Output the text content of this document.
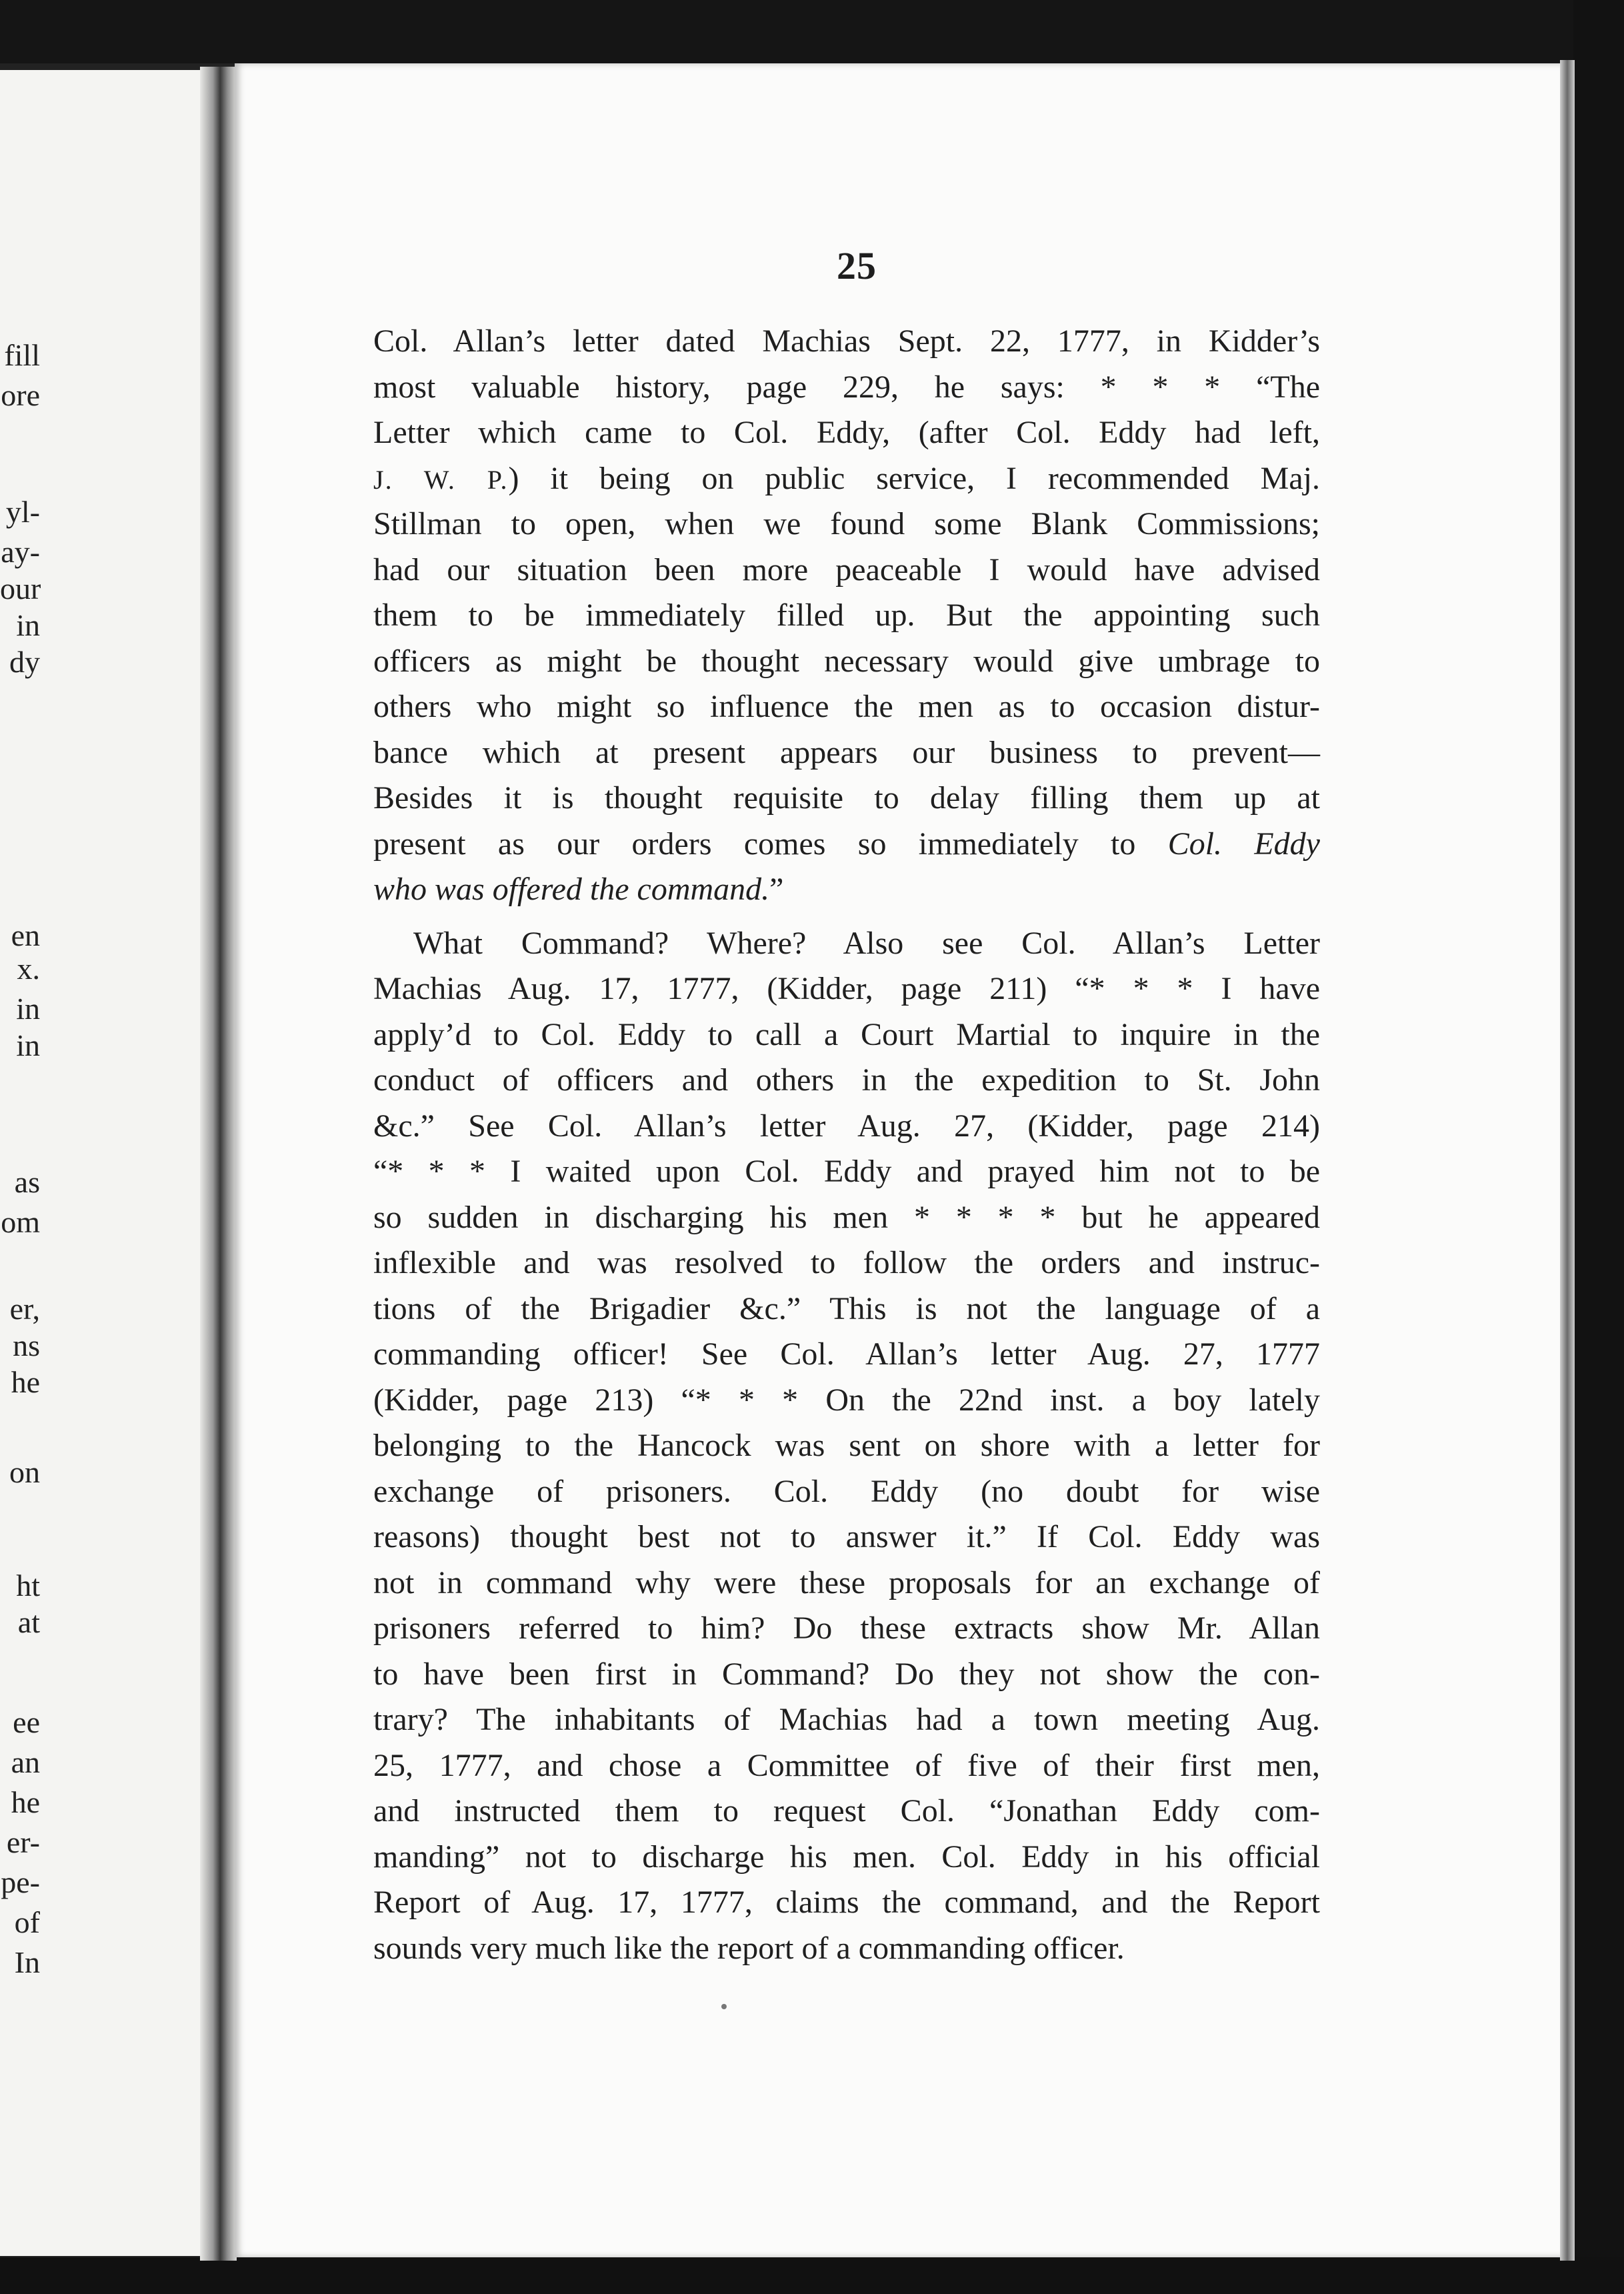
fill
ore
yl-
ay-
our
in
dy
en
x.
in
in
as
om
er,
ns
he
on
ht
at
ee
an
he
er-
pe-
of
In
25
Col. Allan’s letter dated Machias Sept. 22, 1777, in Kidder’s
most valuable history, page 229, he says: * * * “The
Letter which came to Col. Eddy, (after Col. Eddy had left,
J. W. P.) it being on public service, I recommended Maj.
Stillman to open, when we found some Blank Commissions;
had our situation been more peaceable I would have advised
them to be immediately filled up. But the appointing such
officers as might be thought necessary would give umbrage to
others who might so influence the men as to occasion distur-
bance which at present appears our business to prevent—
Besides it is thought requisite to delay filling them up at
present as our orders comes so immediately to Col. Eddy
who was offered the command.”
What Command? Where? Also see Col. Allan’s Letter
Machias Aug. 17, 1777, (Kidder, page 211) “* * * I have
apply’d to Col. Eddy to call a Court Martial to inquire in the
conduct of officers and others in the expedition to St. John
&c.” See Col. Allan’s letter Aug. 27, (Kidder, page 214)
“* * * I waited upon Col. Eddy and prayed him not to be
so sudden in discharging his men * * * * but he appeared
inflexible and was resolved to follow the orders and instruc-
tions of the Brigadier &c.” This is not the language of a
commanding officer! See Col. Allan’s letter Aug. 27, 1777
(Kidder, page 213) “* * * On the 22nd inst. a boy lately
belonging to the Hancock was sent on shore with a letter for
exchange of prisoners. Col. Eddy (no doubt for wise
reasons) thought best not to answer it.” If Col. Eddy was
not in command why were these proposals for an exchange of
prisoners referred to him? Do these extracts show Mr. Allan
to have been first in Command? Do they not show the con-
trary? The inhabitants of Machias had a town meeting Aug.
25, 1777, and chose a Committee of five of their first men,
and instructed them to request Col. “Jonathan Eddy com-
manding” not to discharge his men. Col. Eddy in his official
Report of Aug. 17, 1777, claims the command, and the Report
sounds very much like the report of a commanding officer.
